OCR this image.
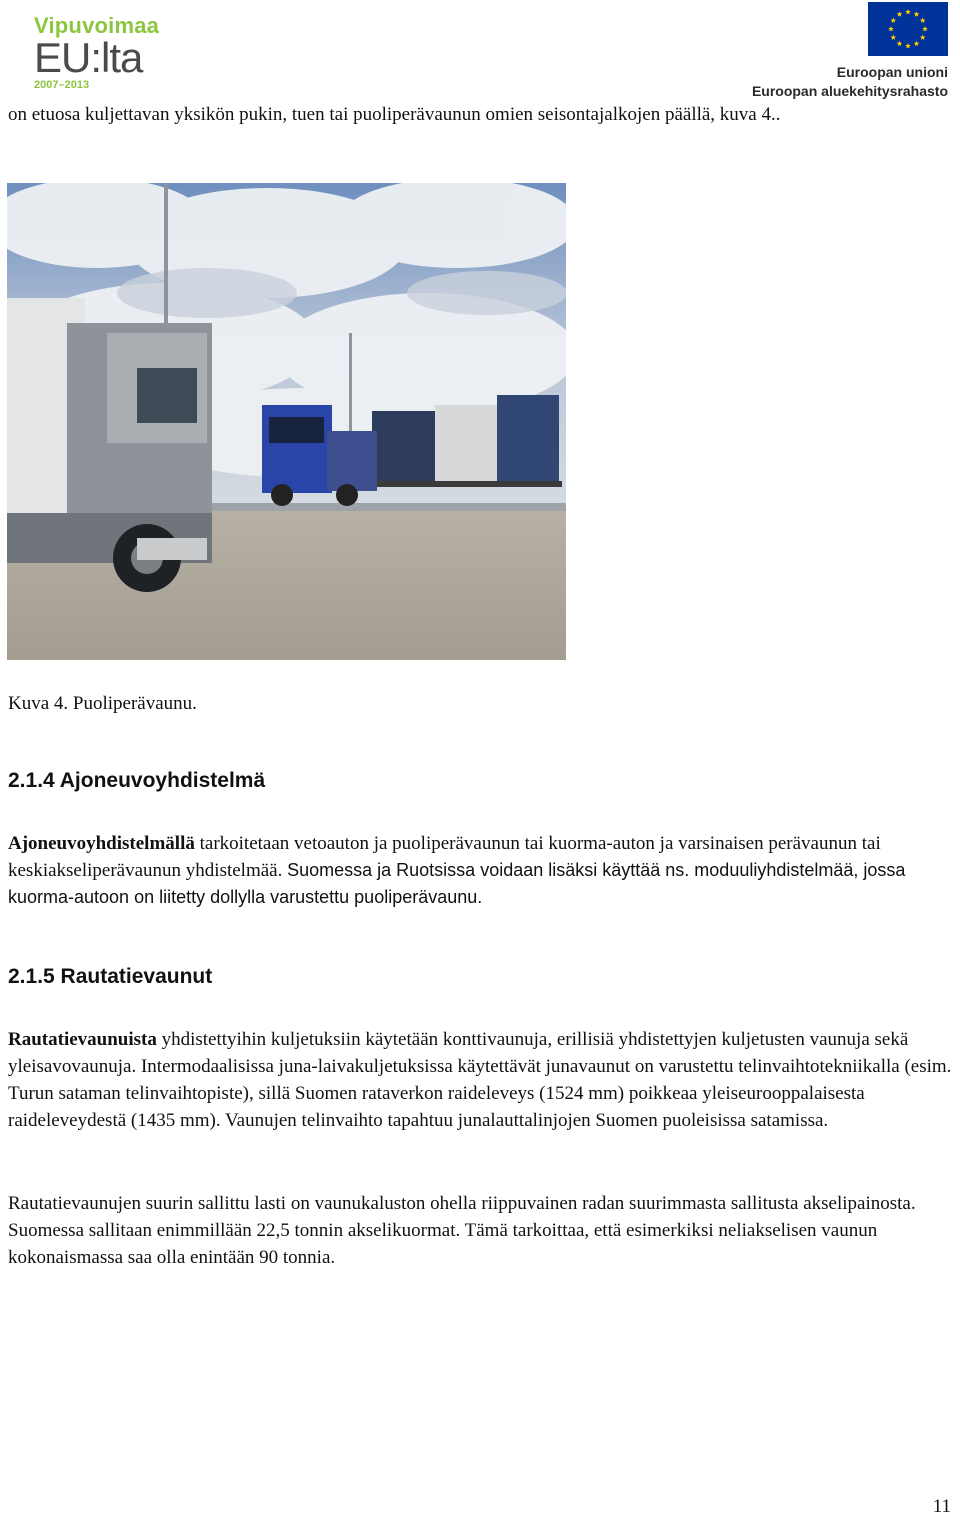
Vipuvoimaa
EU:lta
2007–2013
Euroopan unioni
Euroopan aluekehitysrahasto

on etuosa kuljettavan yksikön pukin, tuen tai puoliperävaunun omien seisontajalkojen päällä, kuva 4..

Kuva 4. Puoliperävaunu.
2.1.4 Ajoneuvoyhdistelmä

Ajoneuvoyhdistelmällä tarkoitetaan vetoauton ja puoliperävaunun tai kuorma-auton ja varsinaisen perävaunun tai keskiakseliperävaunun yhdistelmää. Suomessa ja Ruotsissa voidaan lisäksi käyttää ns. moduuliyhdistelmää, jossa kuorma-autoon on liitetty dollylla varustettu puoliperävaunu.

2.1.5 Rautatievaunut

Rautatievaunuista yhdistettyihin kuljetuksiin käytetään konttivaunuja, erillisiä yhdistettyjen kuljetusten vaunuja sekä yleisavovaunuja. Intermodaalisissa juna-laivakuljetuksissa käytettävät junavaunut on varustettu telinvaihtotekniikalla (esim. Turun sataman telinvaihtopiste), sillä Suomen rataverkon raideleveys (1524 mm) poikkeaa yleiseurooppalaisesta raideleveydestä (1435 mm). Vaunujen telinvaihto tapahtuu junalauttalinjojen Suomen puoleisissa satamissa.

Rautatievaunujen suurin sallittu lasti on vaunukaluston ohella riippuvainen radan suurimmasta sallitusta akselipainosta. Suomessa sallitaan enimmillään 22,5 tonnin akselikuormat. Tämä tarkoittaa, että esimerkiksi neliakselisen vaunun kokonaismassa saa olla enintään 90 tonnia.

11
